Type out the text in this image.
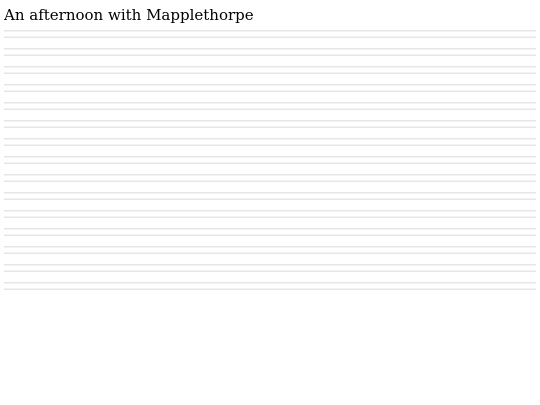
An afternoon with Mapplethorpe
